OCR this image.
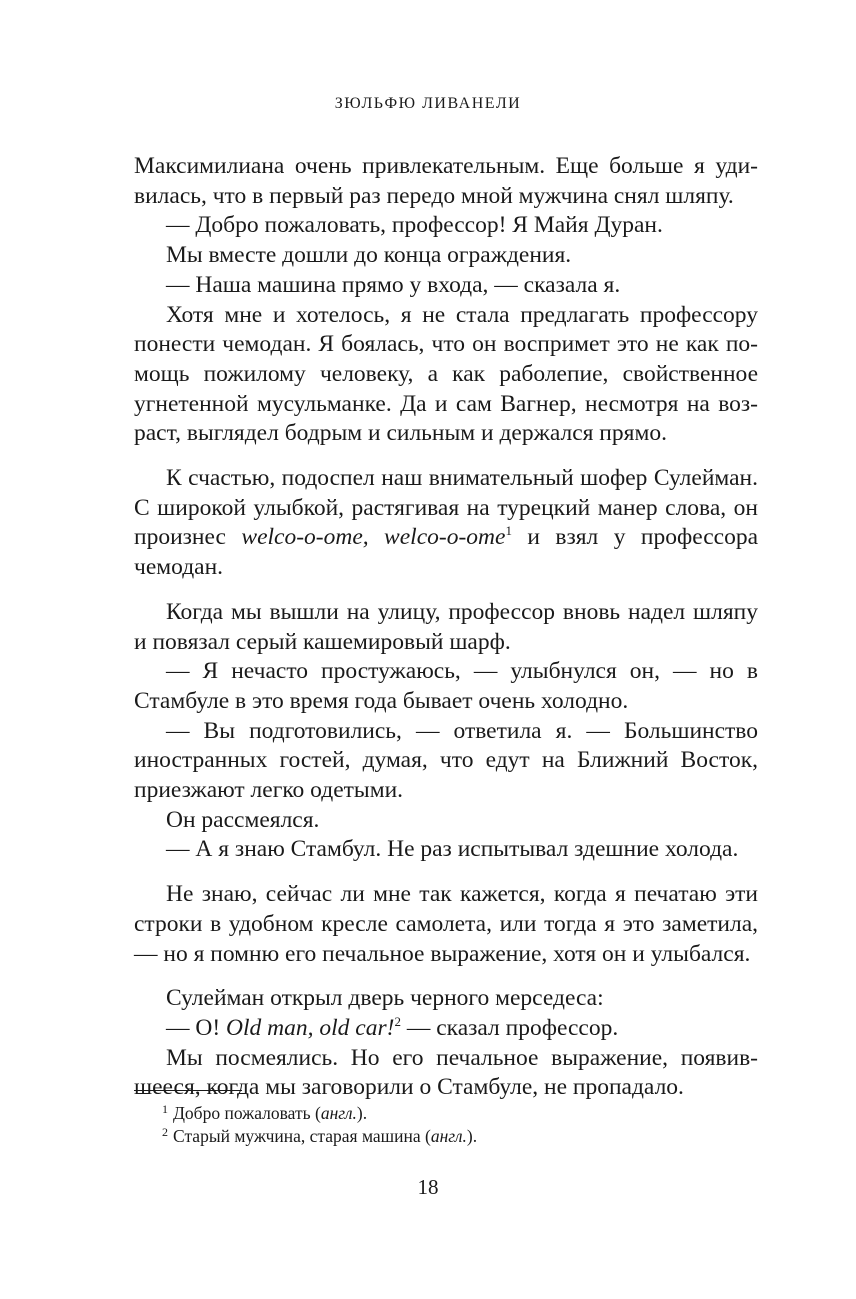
ЗЮЛЬФЮ ЛИВАНЕЛИ

Максимилиана очень привлекательным. Еще больше я удивилась, что в первый раз передо мной мужчина снял шляпу.

— Добро пожаловать, профессор! Я Майя Дуран.

Мы вместе дошли до конца ограждения.

— Наша машина прямо у входа, — сказала я.

Хотя мне и хотелось, я не стала предлагать профессору понести чемодан. Я боялась, что он воспримет это не как помощь пожилому человеку, а как раболепие, свойственное угнетенной мусульманке. Да и сам Вагнер, несмотря на возраст, выглядел бодрым и сильным и держался прямо.

К счастью, подоспел наш внимательный шофер Сулейман. С широкой улыбкой, растягивая на турецкий манер слова, он произнес welco-o-ome, welco-o-ome$^1$ и взял у профессора чемодан.

Когда мы вышли на улицу, профессор вновь надел шляпу и повязал серый кашемировый шарф.

— Я нечасто простужаюсь, — улыбнулся он, — но в Стамбуле в это время года бывает очень холодно.

— Вы подготовились, — ответила я. — Большинство иностранных гостей, думая, что едут на Ближний Восток, приезжают легко одетыми.

Он рассмеялся.

— А я знаю Стамбул. Не раз испытывал здешние холода.

Не знаю, сейчас ли мне так кажется, когда я печатаю эти строки в удобном кресле самолета, или тогда я это заметила, — но я помню его печальное выражение, хотя он и улыбался.

Сулейман открыл дверь черного мерседеса:

— О! Old man, old car!$^2$ — сказал профессор.

Мы посмеялись. Но его печальное выражение, появившееся, когда мы заговорили о Стамбуле, не пропадало.

$^1$ Добро пожаловать (англ.).

$^2$ Старый мужчина, старая машина (англ.).

18
